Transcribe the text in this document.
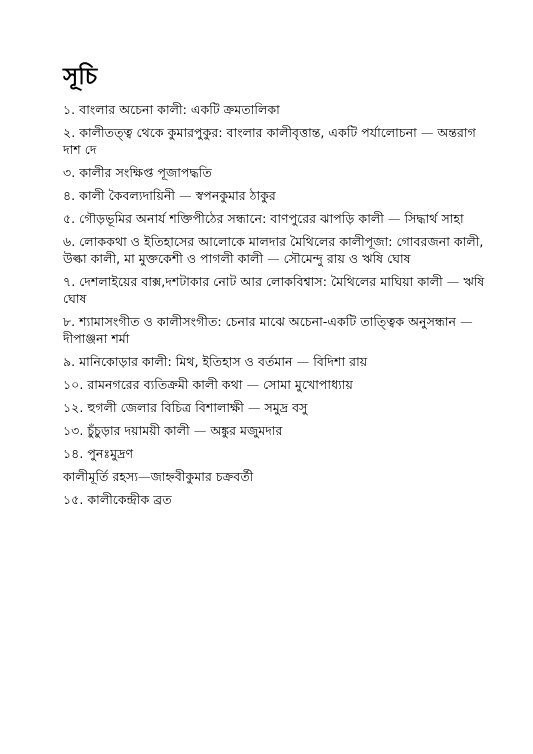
সূচি
১. বাংলার অচেনা কালী: একটি ক্রমতালিকা
২. কালীতত্ত্ব থেকে কুমারপুকুর: বাংলার কালীবৃত্তান্ত, একটি পর্যালোচনা — অন্তরাগ দাশ দে
৩. কালীর সংক্ষিপ্ত পূজাপদ্ধতি
৪. কালী কৈবল্যদায়িনী — স্বপনকুমার ঠাকুর
৫. গৌড়ভূমির অনার্য শক্তিপীঠের সন্ধানে: বাণপুরের ঝাপড়ি কালী — সিদ্ধার্থ সাহা
৬. লোককথা ও ইতিহাসের আলোকে মালদার মৈথিলের কালীপূজা: গোবরজনা কালী, উল্কা কালী, মা মুক্তকেশী ও পাগলী কালী — সৌমেন্দু রায় ও ঋষি ঘোষ
৭. দেশলাইয়ের বাক্স,দশটাকার নোট আর লোকবিশ্বাস: মৈথিলের মাঘিয়া কালী — ঋষি ঘোষ
৮. শ্যামাসংগীত ও কালীসংগীত: চেনার মাঝে অচেনা-একটি তাত্ত্বিক অনুসন্ধান — দীপাঞ্জনা শর্মা
৯. মানিকোড়ার কালী: মিথ, ইতিহাস ও বর্তমান — বিদিশা রায়
১০. রামনগরের ব্যতিক্রমী কালী কথা — সোমা মুখোপাধ্যায়
১২. হুগলী জেলার বিচিত্র বিশালাক্ষী — সমুদ্র বসু
১৩. চুঁচুড়ার দয়াময়ী কালী — অঙ্কুর মজুমদার
১৪. পুনঃমুদ্রণ
কালীমূর্তি রহস্য—জাহ্নবীকুমার চক্রবর্তী
১৫. কালীকেন্দ্রীক ব্রত
